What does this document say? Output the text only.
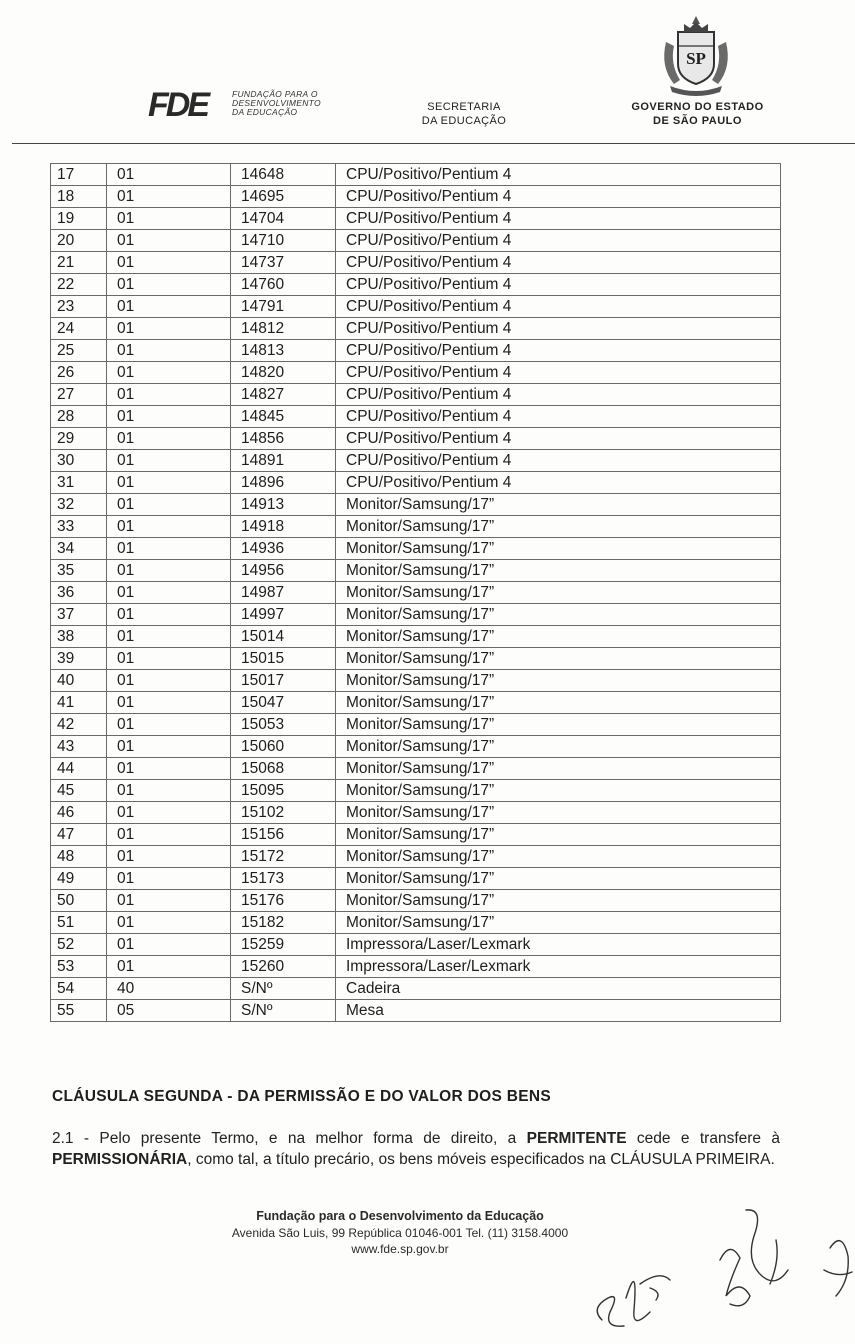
FDE	FUNDAÇÃO PARA O
DESENVOLVIMENTO
DA EDUCAÇÃO	SECRETARIA
DA EDUCAÇÃO
SP
GOVERNO DO ESTADO
DE SÃO PAULO
17	01	14648	CPU/Positivo/Pentium 4
18	01	14695	CPU/Positivo/Pentium 4
19	01	14704	CPU/Positivo/Pentium 4
20	01	14710	CPU/Positivo/Pentium 4
21	01	14737	CPU/Positivo/Pentium 4
22	01	14760	CPU/Positivo/Pentium 4
23	01	14791	CPU/Positivo/Pentium 4
24	01	14812	CPU/Positivo/Pentium 4
25	01	14813	CPU/Positivo/Pentium 4
26	01	14820	CPU/Positivo/Pentium 4
27	01	14827	CPU/Positivo/Pentium 4
28	01	14845	CPU/Positivo/Pentium 4
29	01	14856	CPU/Positivo/Pentium 4
30	01	14891	CPU/Positivo/Pentium 4
31	01	14896	CPU/Positivo/Pentium 4
32	01	14913	Monitor/Samsung/17”
33	01	14918	Monitor/Samsung/17”
34	01	14936	Monitor/Samsung/17”
35	01	14956	Monitor/Samsung/17”
36	01	14987	Monitor/Samsung/17”
37	01	14997	Monitor/Samsung/17”
38	01	15014	Monitor/Samsung/17”
39	01	15015	Monitor/Samsung/17”
40	01	15017	Monitor/Samsung/17”
41	01	15047	Monitor/Samsung/17”
42	01	15053	Monitor/Samsung/17”
43	01	15060	Monitor/Samsung/17”
44	01	15068	Monitor/Samsung/17”
45	01	15095	Monitor/Samsung/17”
46	01	15102	Monitor/Samsung/17”
47	01	15156	Monitor/Samsung/17”
48	01	15172	Monitor/Samsung/17”
49	01	15173	Monitor/Samsung/17”
50	01	15176	Monitor/Samsung/17”
51	01	15182	Monitor/Samsung/17”
52	01	15259	Impressora/Laser/Lexmark
53	01	15260	Impressora/Laser/Lexmark
54	40	S/Nº	Cadeira
55	05	S/Nº	Mesa
CLÁUSULA SEGUNDA - DA PERMISSÃO E DO VALOR DOS BENS
2.1 - Pelo presente Termo, e na melhor forma de direito, a PERMITENTE cede e transfere à PERMISSIONÁRIA, como tal, a título precário, os bens móveis especificados na CLÁUSULA PRIMEIRA.
Fundação para o Desenvolvimento da Educação
Avenida São Luis, 99 República 01046-001 Tel. (11) 3158.4000
www.fde.sp.gov.br
